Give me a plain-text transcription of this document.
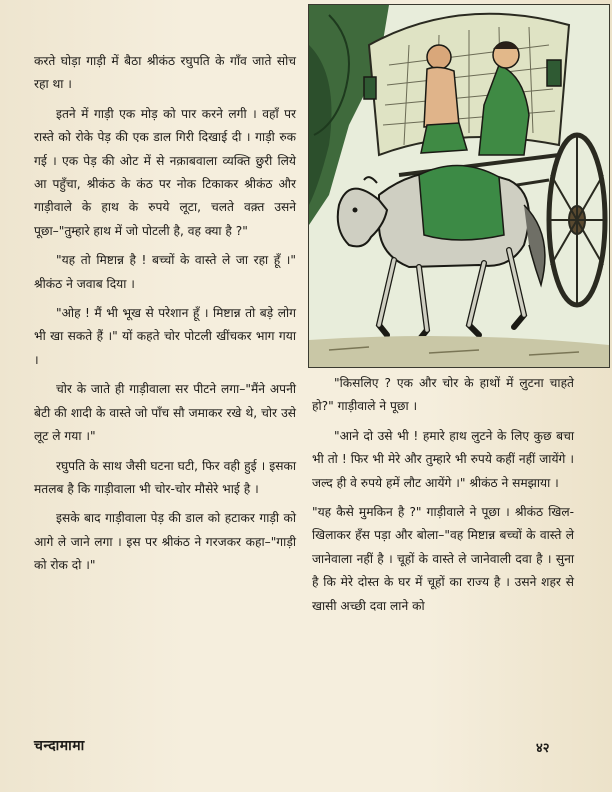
करते घोड़ा गाड़ी में बैठा श्रीकंठ रघुपति के गाँव जाते सोच रहा था ।

इतने में गाड़ी एक मोड़ को पार करने लगी । वहाँ पर रास्ते को रोके पेड़ की एक डाल गिरी दिखाई दी । गाड़ी रुक गई । एक पेड़ की ओट में से नक़ाबवाला व्यक्ति छुरी लिये आ पहुँचा, श्रीकंठ के कंठ पर नोक टिकाकर श्रीकंठ और गाड़ीवाले के हाथ के रुपये लूटा, चलते वक़्त उसने पूछा–"तुम्हारे हाथ में जो पोटली है, वह क्या है ?"

"यह तो मिष्टान्न है ! बच्चों के वास्ते ले जा रहा हूँ ।" श्रीकंठ ने जवाब दिया ।

"ओह ! मैं भी भूख से परेशान हूँ । मिष्टान्न तो बड़े लोग भी खा सकते हैं ।" यों कहते चोर पोटली खींचकर भाग गया ।

चोर के जाते ही गाड़ीवाला सर पीटने लगा–"मैंने अपनी बेटी की शादी के वास्ते जो पाँच सौ जमाकर रखे थे, चोर उसे लूट ले गया ।"

रघुपति के साथ जैसी घटना घटी, फिर वही हुई । इसका मतलब है कि गाड़ीवाला भी चोर-चोर मौसेरे भाई है ।

इसके बाद गाड़ीवाला पेड़ की डाल को हटाकर गाड़ी को आगे ले जाने लगा । इस पर श्रीकंठ ने गरजकर कहा–"गाड़ी को रोक दो ।"

"किसलिए ? एक और चोर के हाथों में लुटना चाहते हो?" गाड़ीवाले ने पूछा ।

"आने दो उसे भी ! हमारे हाथ लुटने के लिए कुछ बचा भी तो ! फिर भी मेरे और तुम्हारे भी रुपये कहीं नहीं जायेंगे । जल्द ही वे रुपये हमें लौट आयेंगे ।" श्रीकंठ ने समझाया ।

"यह कैसे मुमकिन है ?" गाड़ीवाले ने पूछा । श्रीकंठ खिल-खिलाकर हँस पड़ा और बोला–"वह मिष्टान्न बच्चों के वास्ते ले जानेवाला नहीं है । चूहों के वास्ते ले जानेवाली दवा है । सुना है कि मेरे दोस्त के घर में चूहों का राज्य है । उसने शहर से खासी अच्छी दवा लाने को

चन्दामामा	४२
